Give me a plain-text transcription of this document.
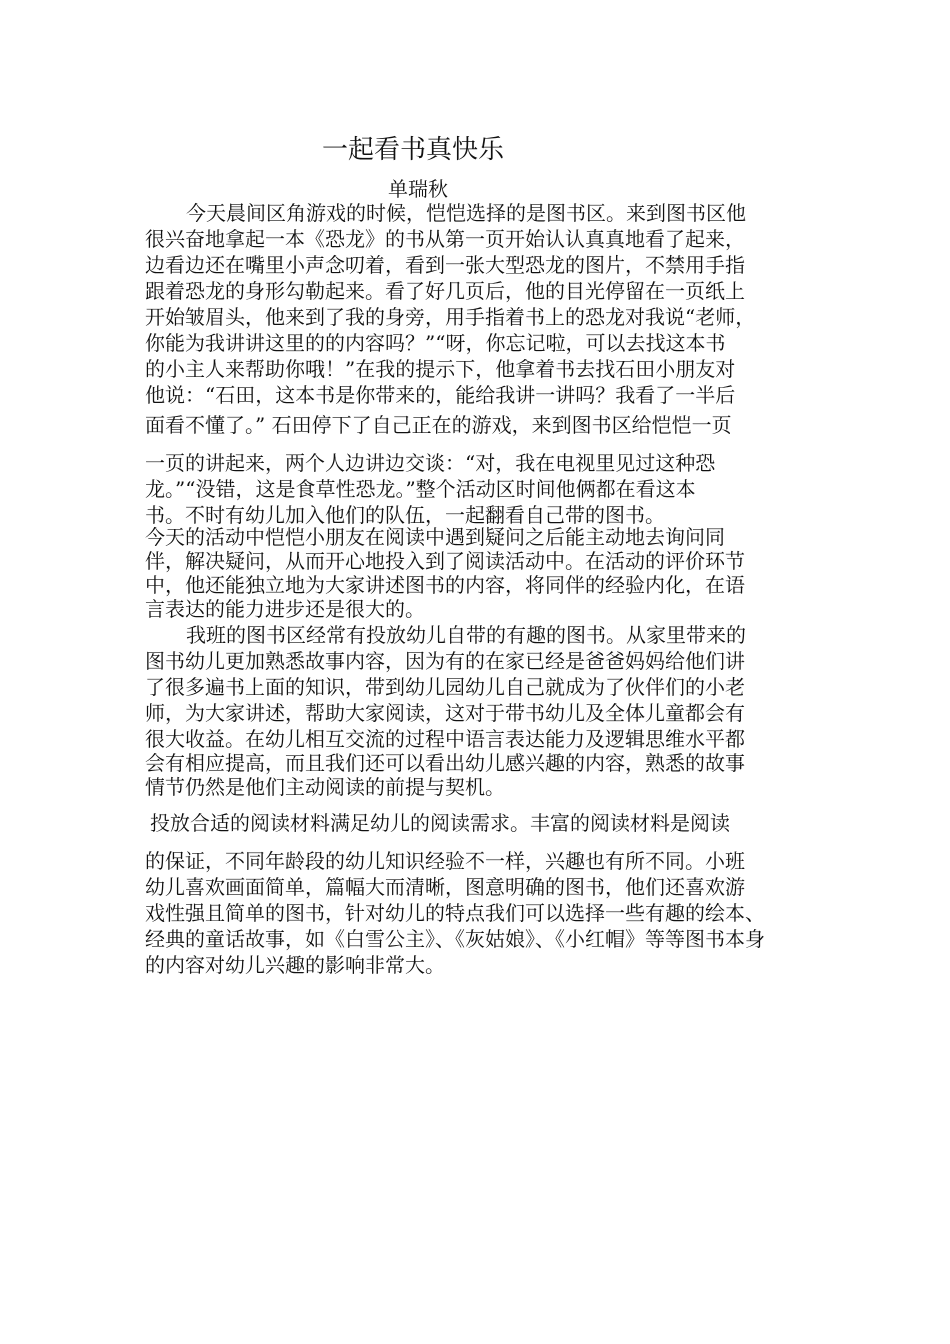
一起看书真快乐
单瑞秋
今天晨间区角游戏的时候，恺恺选择的是图书区。来到图书区他
很兴奋地拿起一本《恐龙》的书从第一页开始认认真真地看了起来，
边看边还在嘴里小声念叨着，看到一张大型恐龙的图片，不禁用手指
跟着恐龙的身形勾勒起来。看了好几页后，他的目光停留在一页纸上
开始皱眉头，他来到了我的身旁，用手指着书上的恐龙对我说“老师，
你能为我讲讲这里的的内容吗？”“呀，你忘记啦，可以去找这本书
的小主人来帮助你哦！”在我的提示下，他拿着书去找石田小朋友对
他说：“石田，这本书是你带来的，能给我讲一讲吗？我看了一半后
面看不懂了。” 石田停下了自己正在的游戏，来到图书区给恺恺一页
一页的讲起来，两个人边讲边交谈：“对，我在电视里见过这种恐
龙。”“没错，这是食草性恐龙。”整个活动区时间他俩都在看这本
书。不时有幼儿加入他们的队伍，一起翻看自己带的图书。
今天的活动中恺恺小朋友在阅读中遇到疑问之后能主动地去询问同
伴，解决疑问，从而开心地投入到了阅读活动中。在活动的评价环节
中，他还能独立地为大家讲述图书的内容，将同伴的经验内化，在语
言表达的能力进步还是很大的。
我班的图书区经常有投放幼儿自带的有趣的图书。从家里带来的
图书幼儿更加熟悉故事内容，因为有的在家已经是爸爸妈妈给他们讲
了很多遍书上面的知识，带到幼儿园幼儿自己就成为了伙伴们的小老
师，为大家讲述，帮助大家阅读，这对于带书幼儿及全体儿童都会有
很大收益。在幼儿相互交流的过程中语言表达能力及逻辑思维水平都
会有相应提高，而且我们还可以看出幼儿感兴趣的内容，熟悉的故事
情节仍然是他们主动阅读的前提与契机。
投放合适的阅读材料满足幼儿的阅读需求。丰富的阅读材料是阅读
的保证，不同年龄段的幼儿知识经验不一样，兴趣也有所不同。小班
幼儿喜欢画面简单，篇幅大而清晰，图意明确的图书，他们还喜欢游
戏性强且简单的图书，针对幼儿的特点我们可以选择一些有趣的绘本、
经典的童话故事，如《白雪公主》、《灰姑娘》、《小红帽》等等图书本身
的内容对幼儿兴趣的影响非常大。
